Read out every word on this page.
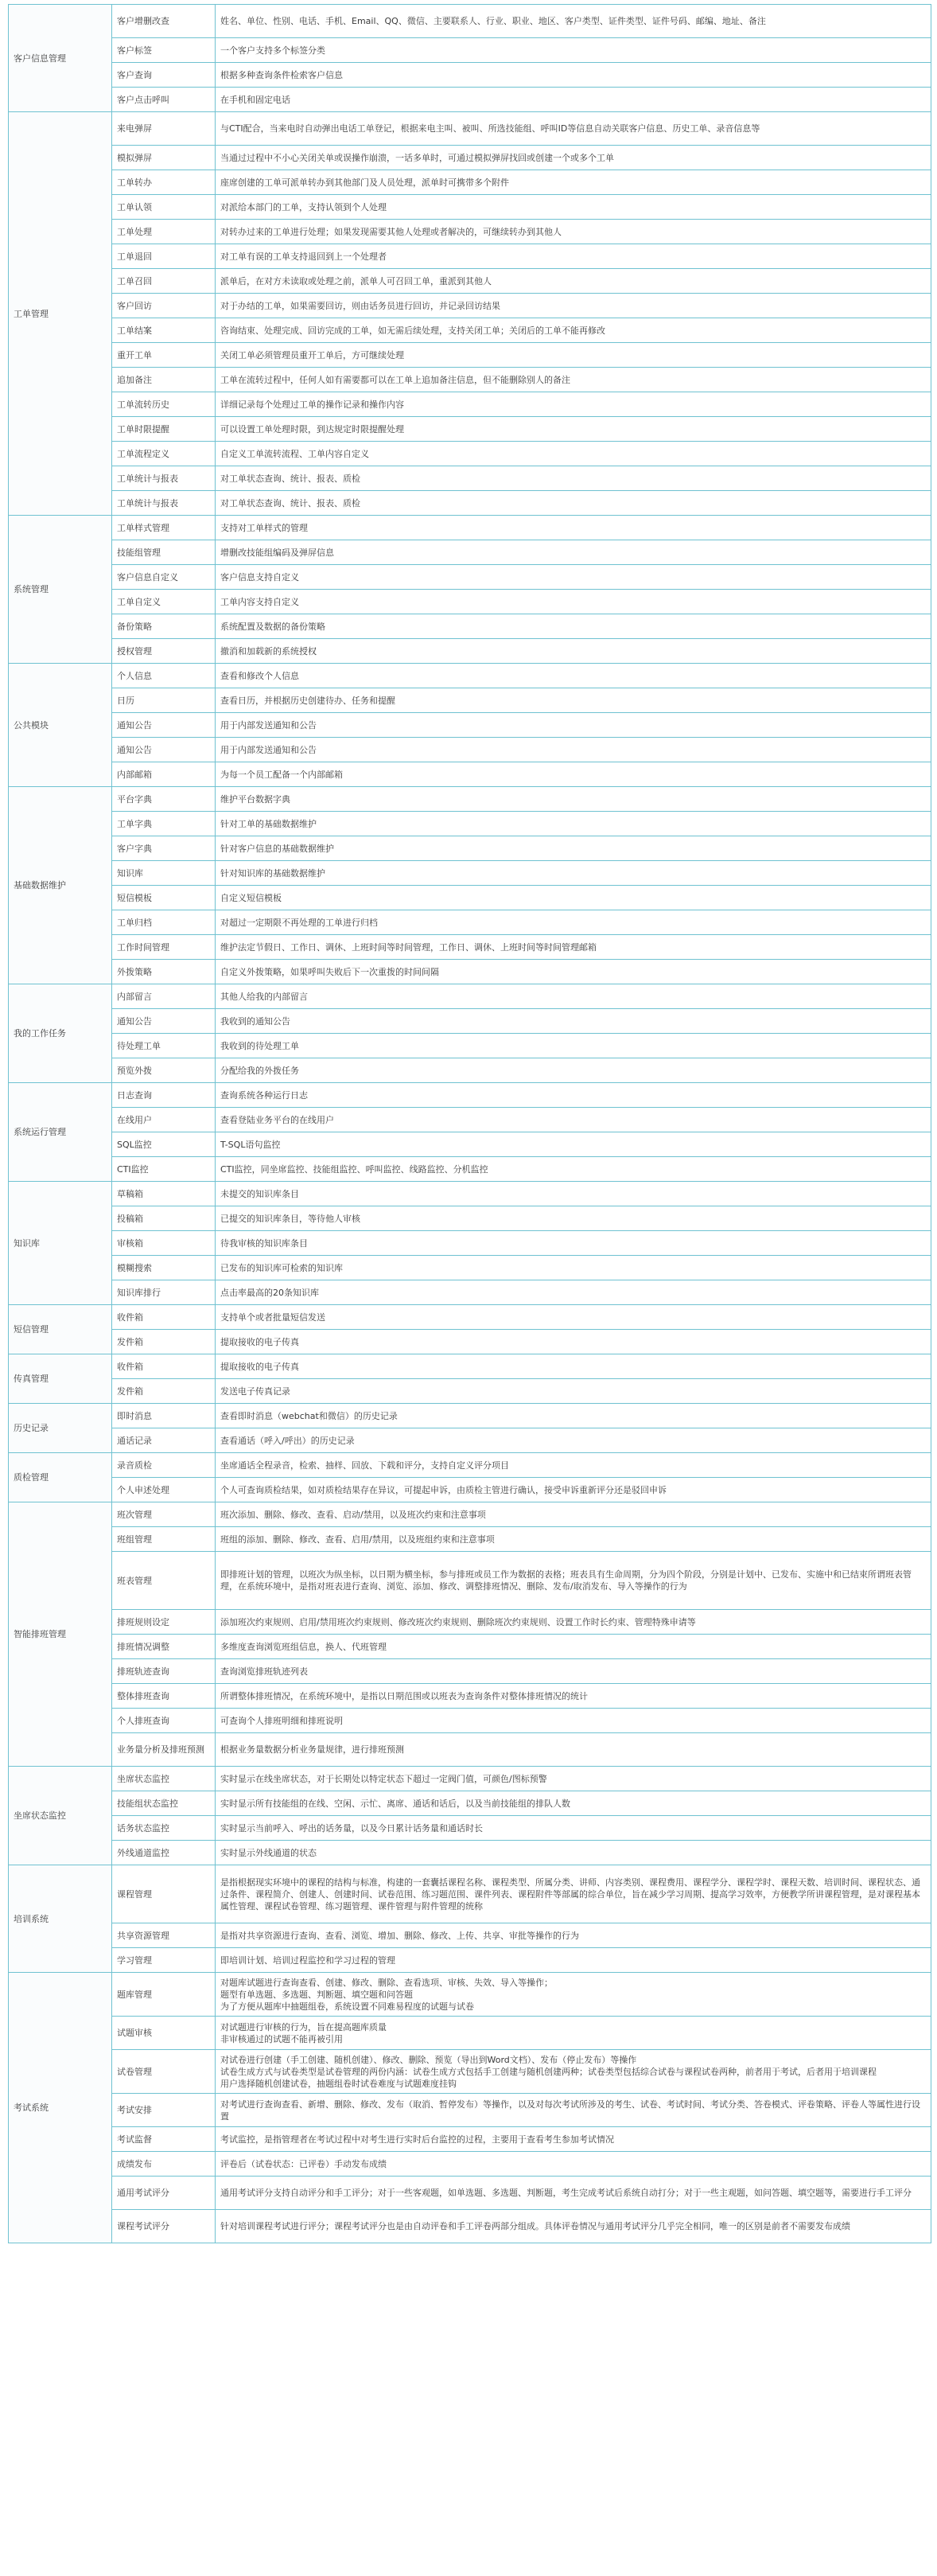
客户信息管理	客户增删改查	姓名、单位、性别、电话、手机、Email、QQ、微信、主要联系人、行业、职业、地区、客户类型、证件类型、证件号码、邮编、地址、备注
	客户标签	一个客户支持多个标签分类
	客户查询	根据多种查询条件检索客户信息
	客户点击呼叫	在手机和固定电话
工单管理	来电弹屏	与CTI配合，当来电时自动弹出电话工单登记，根据来电主叫、被叫、所选技能组、呼叫ID等信息自动关联客户信息、历史工单、录音信息等
	模拟弹屏	当通过过程中不小心关闭关单或误操作崩溃，一话多单时，可通过模拟弹屏找回或创建一个或多个工单
	工单转办	座席创建的工单可派单转办到其他部门及人员处理，派单时可携带多个附件
	工单认领	对派给本部门的工单，支持认领到个人处理
	工单处理	对转办过来的工单进行处理；如果发现需要其他人处理或者解决的，可继续转办到其他人
	工单退回	对工单有误的工单支持退回到上一个处理者
	工单召回	派单后，在对方未读取或处理之前，派单人可召回工单，重派到其他人
	客户回访	对于办结的工单，如果需要回访，则由话务员进行回访，并记录回访结果
	工单结案	咨询结束、处理完成、回访完成的工单，如无需后续处理，支持关闭工单；关闭后的工单不能再修改
	重开工单	关闭工单必须管理员重开工单后，方可继续处理
	追加备注	工单在流转过程中，任何人如有需要都可以在工单上追加备注信息，但不能删除别人的备注
	工单流转历史	详细记录每个处理过工单的操作记录和操作内容
	工单时限提醒	可以设置工单处理时限，到达规定时限提醒处理
	工单流程定义	自定义工单流转流程、工单内容自定义
	工单统计与报表	对工单状态查询、统计、报表、质检
	工单统计与报表	对工单状态查询、统计、报表、质检
系统管理	工单样式管理	支持对工单样式的管理
	技能组管理	增删改技能组编码及弹屏信息
	客户信息自定义	客户信息支持自定义
	工单自定义	工单内容支持自定义
	备份策略	系统配置及数据的备份策略
	授权管理	撤消和加载新的系统授权
公共模块	个人信息	查看和修改个人信息
	日历	查看日历，并根据历史创建待办、任务和提醒
	通知公告	用于内部发送通知和公告
	通知公告	用于内部发送通知和公告
	内部邮箱	为每一个员工配备一个内部邮箱
基础数据维护	平台字典	维护平台数据字典
	工单字典	针对工单的基础数据维护
	客户字典	针对客户信息的基础数据维护
	知识库	针对知识库的基础数据维护
	短信模板	自定义短信模板
	工单归档	对超过一定期限不再处理的工单进行归档
	工作时间管理	维护法定节假日、工作日、调休、上班时间等时间管理，工作日、调休、上班时间等时间管理邮箱
	外拨策略	自定义外拨策略，如果呼叫失败后下一次重拨的时间间隔
我的工作任务	内部留言	其他人给我的内部留言
	通知公告	我收到的通知公告
	待处理工单	我收到的待处理工单
	预览外拨	分配给我的外拨任务
系统运行管理	日志查询	查询系统各种运行日志
	在线用户	查看登陆业务平台的在线用户
	SQL监控	T-SQL语句监控
	CTI监控	CTI监控，同坐席监控、技能组监控、呼叫监控、线路监控、分机监控
知识库	草稿箱	未提交的知识库条目
	投稿箱	已提交的知识库条目，等待他人审核
	审核箱	待我审核的知识库条目
	模糊搜索	已发布的知识库可检索的知识库
	知识库排行	点击率最高的20条知识库
短信管理	收件箱	支持单个或者批量短信发送
	发件箱	提取接收的电子传真
传真管理	收件箱	提取接收的电子传真
	发件箱	发送电子传真记录
历史记录	即时消息	查看即时消息（webchat和微信）的历史记录
	通话记录	查看通话（呼入/呼出）的历史记录
质检管理	录音质检	坐席通话全程录音，检索、抽样、回放、下载和评分，支持自定义评分项目
	个人申述处理	个人可查询质检结果，如对质检结果存在异议，可提起申诉，由质检主管进行确认，接受申诉重新评分还是驳回申诉
智能排班管理	班次管理	班次添加、删除、修改、查看、启动/禁用，以及班次约束和注意事项
	班组管理	班组的添加、删除、修改、查看、启用/禁用，以及班组约束和注意事项
	班表管理	即排班计划的管理，以班次为纵坐标，以日期为横坐标，参与排班或员工作为数据的表格；班表具有生命周期，分为四个阶段，分别是计划中、已发布、实施中和已结束所谓班表管理，在系统环境中，是指对班表进行查询、浏览、添加、修改、调整排班情况、删除、发布/取消发布、导入等操作的行为
	排班规则设定	添加班次约束规则、启用/禁用班次约束规则、修改班次约束规则、删除班次约束规则、设置工作时长约束、管理特殊申请等
	排班情况调整	多维度查询浏览班组信息，换人、代班管理
	排班轨迹查询	查询浏览排班轨迹列表
	整体排班查询	所谓整体排班情况，在系统环境中，是指以日期范围或以班表为查询条件对整体排班情况的统计
	个人排班查询	可查询个人排班明细和排班说明
	业务量分析及排班预测	根据业务量数据分析业务量规律，进行排班预测
坐席状态监控	坐席状态监控	实时显示在线坐席状态，对于长期处以特定状态下超过一定阀门值，可颜色/图标预警
	技能组状态监控	实时显示所有技能组的在线、空闲、示忙、离席、通话和话后，以及当前技能组的排队人数
	话务状态监控	实时显示当前呼入、呼出的话务量，以及今日累计话务量和通话时长
	外线通道监控	实时显示外线通道的状态
培训系统	课程管理	是指根据现实环境中的课程的结构与标准，构建的一套囊括课程名称、课程类型、所属分类、讲师、内容类别、课程费用、课程学分、课程学时、课程天数、培训时间、课程状态、通过条件、课程简介、创建人、创建时间、试卷范围、练习题范围、课件列表、课程附件等部属的综合单位，旨在减少学习周期、提高学习效率，方便教学所讲课程管理，是对课程基本属性管理、课程试卷管理、练习题管理、课件管理与附件管理的统称
	共享资源管理	是指对共享资源进行查询、查看、浏览、增加、删除、修改、上传、共享、审批等操作的行为
	学习管理	即培训计划、培训过程监控和学习过程的管理
考试系统	题库管理	对题库试题进行查询查看、创建、修改、删除、查看选项、审核、失效、导入等操作；
题型有单选题、多选题、判断题、填空题和问答题
为了方便从题库中抽题组卷，系统设置不同难易程度的试题与试卷
	试题审核	对试题进行审核的行为，旨在提高题库质量
非审核通过的试题不能再被引用
	试卷管理	对试卷进行创建（手工创建、随机创建）、修改、删除、预览（导出到Word文档）、发布（停止发布）等操作
试卷生成方式与试卷类型是试卷管理的两份内涵：试卷生成方式包括手工创建与随机创建两种；试卷类型包括综合试卷与课程试卷两种，前者用于考试，后者用于培训课程
用户选择随机创建试卷，抽题组卷时试卷难度与试题难度挂钩
	考试安排	对考试进行查询查看、新增、删除、修改、发布（取消、暂停发布）等操作，以及对每次考试所涉及的考生、试卷、考试时间、考试分类、答卷模式、评卷策略、评卷人等属性进行设置
	考试监督	考试监控，是指管理者在考试过程中对考生进行实时后台监控的过程，主要用于查看考生参加考试情况
	成绩发布	评卷后（试卷状态：已评卷）手动发布成绩
	通用考试评分	通用考试评分支持自动评分和手工评分；对于一些客观题，如单选题、多选题、判断题，考生完成考试后系统自动打分；对于一些主观题，如问答题、填空题等，需要进行手工评分
	课程考试评分	针对培训课程考试进行评分；课程考试评分也是由自动评卷和手工评卷两部分组成。具体评卷情况与通用考试评分几乎完全相同，唯一的区别是前者不需要发布成绩
